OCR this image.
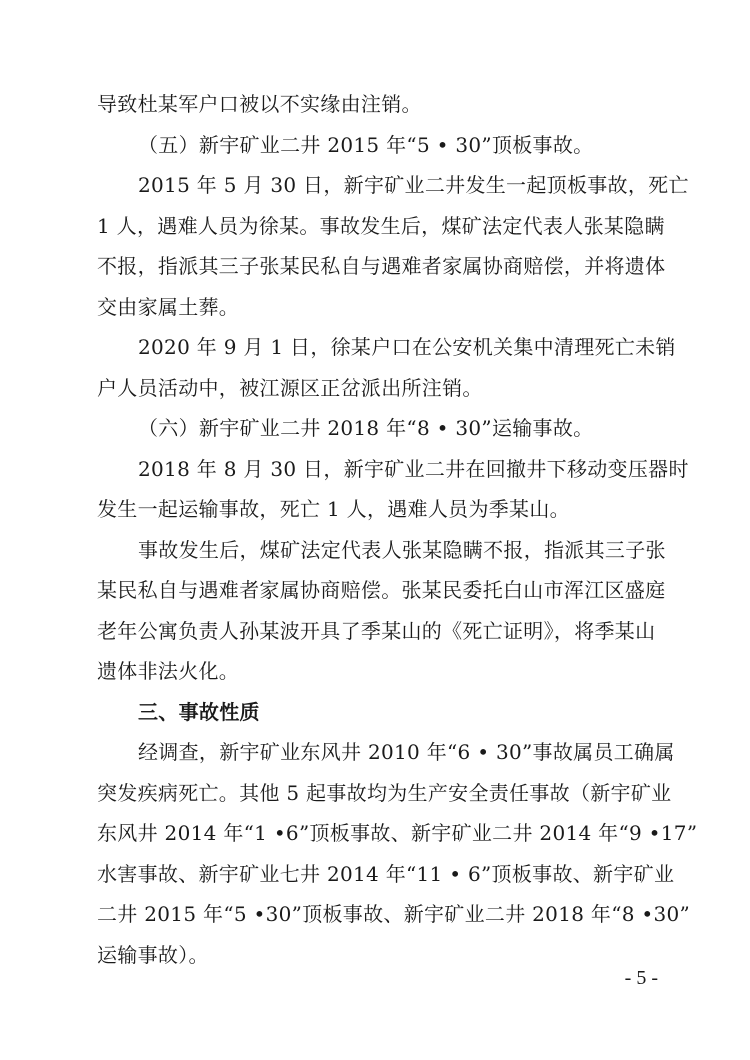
导致杜某军户口被以不实缘由注销。
（五）新宇矿业二井 2015 年“5 • 30”顶板事故。
2015 年 5 月 30 日，新宇矿业二井发生一起顶板事故，死亡
1 人，遇难人员为徐某。事故发生后，煤矿法定代表人张某隐瞒
不报，指派其三子张某民私自与遇难者家属协商赔偿，并将遗体
交由家属土葬。
2020 年 9 月 1 日，徐某户口在公安机关集中清理死亡未销
户人员活动中，被江源区正岔派出所注销。
（六）新宇矿业二井 2018 年“8 • 30”运输事故。
2018 年 8 月 30 日，新宇矿业二井在回撤井下移动变压器时
发生一起运输事故，死亡 1 人，遇难人员为季某山。
事故发生后，煤矿法定代表人张某隐瞒不报，指派其三子张
某民私自与遇难者家属协商赔偿。张某民委托白山市浑江区盛庭
老年公寓负责人孙某波开具了季某山的《死亡证明》，将季某山
遗体非法火化。
三、事故性质
经调查，新宇矿业东风井 2010 年“6 • 30”事故属员工确属
突发疾病死亡。其他 5 起事故均为生产安全责任事故（新宇矿业
东风井 2014 年“1 •6”顶板事故、新宇矿业二井 2014 年“9 •17”
水害事故、新宇矿业七井 2014 年“11 • 6”顶板事故、新宇矿业
二井 2015 年“5 •30”顶板事故、新宇矿业二井 2018 年“8 •30”
运输事故）。
- 5 -
